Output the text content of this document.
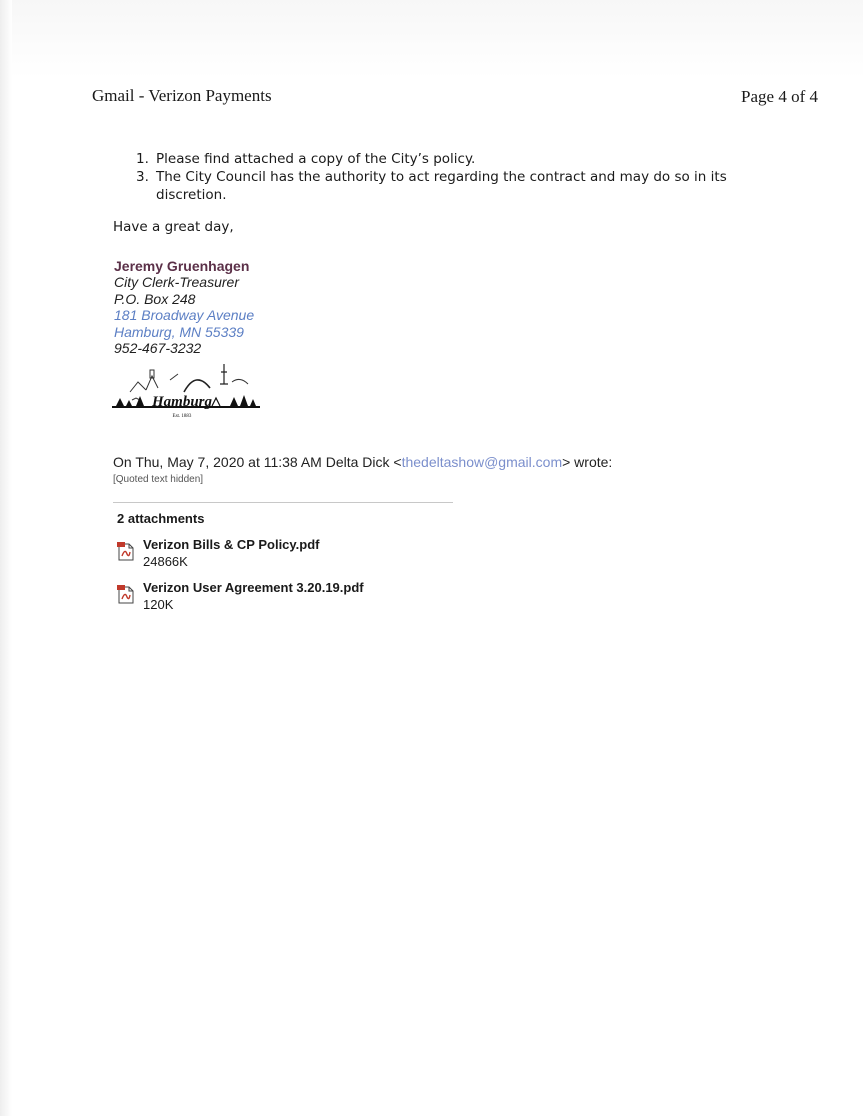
Gmail - Verizon Payments	Page 4 of 4
1. Please find attached a copy of the City’s policy.
3. The City Council has the authority to act regarding the contract and may do so in its discretion.
Have a great day,
Jeremy Gruenhagen
City Clerk-Treasurer
P.O. Box 248
181 Broadway Avenue
Hamburg, MN 55339
952-467-3232
Hamburg
Est. 1883
On Thu, May 7, 2020 at 11:38 AM Delta Dick <thedeltashow@gmail.com> wrote:
[Quoted text hidden]
2 attachments
Verizon Bills & CP Policy.pdf
24866K
Verizon User Agreement 3.20.19.pdf
120K
